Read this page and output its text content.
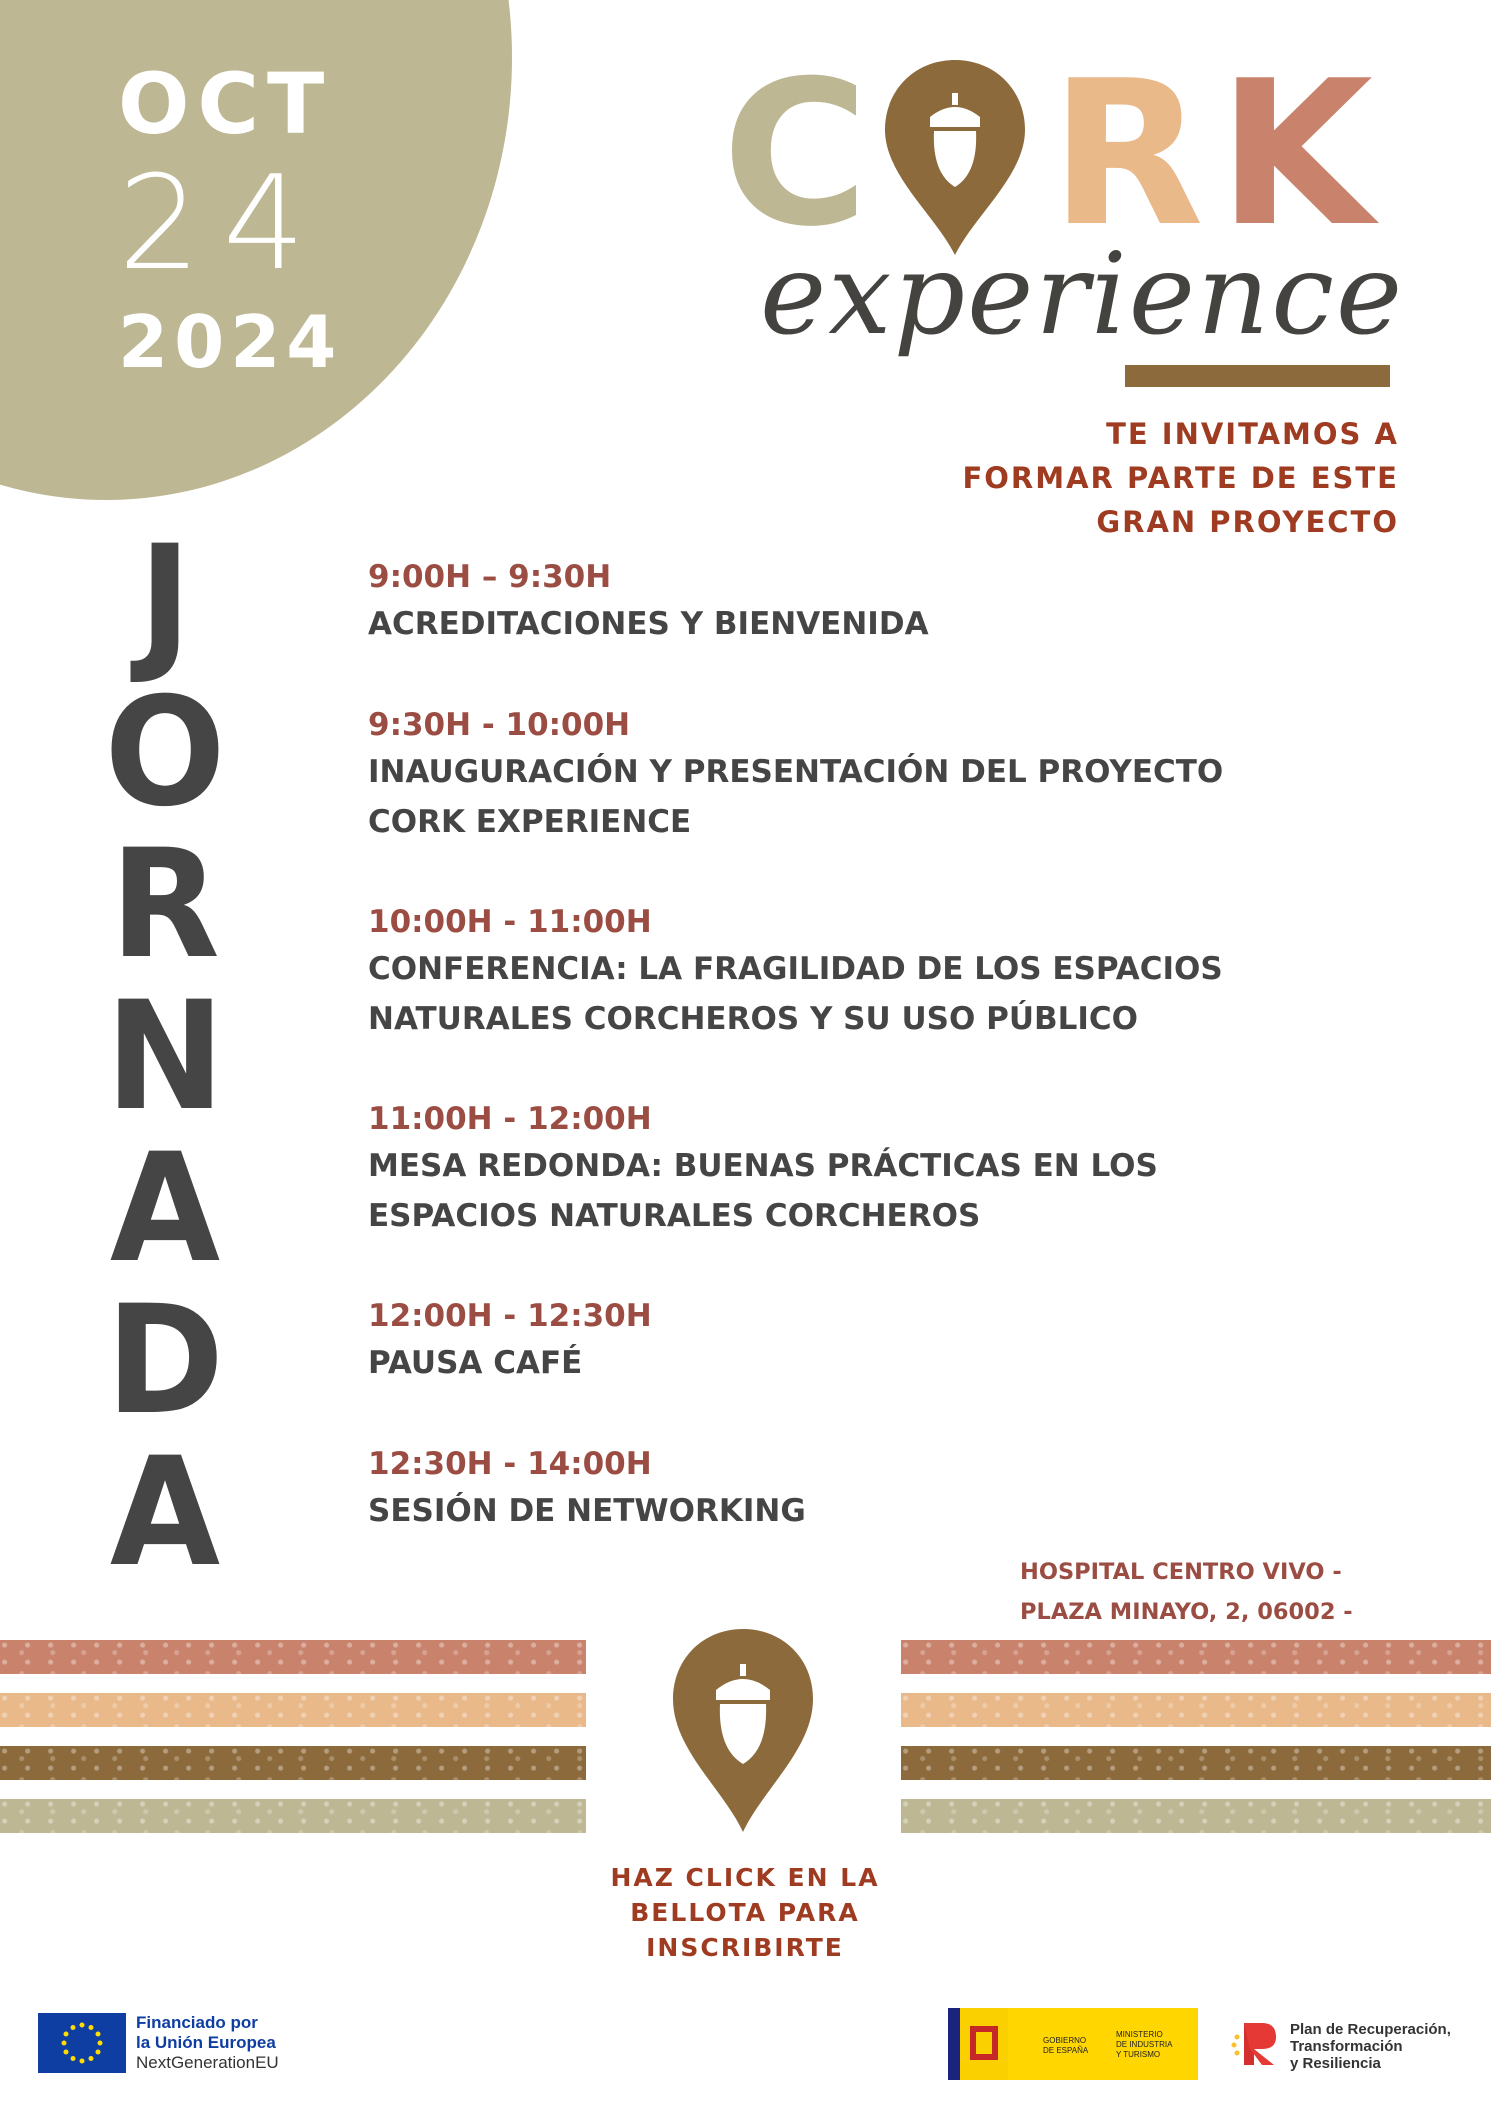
OCT
24
2024
C R K
experience
TE INVITAMOS A
FORMAR PARTE DE ESTE
GRAN PROYECTO
J
O
R
N
A
D
A
9:00H – 9:30H
ACREDITACIONES Y BIENVENIDA
9:30H - 10:00H
INAUGURACIÓN Y PRESENTACIÓN DEL PROYECTO
CORK EXPERIENCE
10:00H - 11:00H
CONFERENCIA: LA FRAGILIDAD DE LOS ESPACIOS
NATURALES CORCHEROS Y SU USO PÚBLICO
11:00H - 12:00H
MESA REDONDA: BUENAS PRÁCTICAS EN LOS
ESPACIOS NATURALES CORCHEROS
12:00H - 12:30H
PAUSA CAFÉ
12:30H - 14:00H
SESIÓN DE NETWORKING
HOSPITAL CENTRO VIVO -
PLAZA MINAYO, 2, 06002 -
HAZ CLICK EN LA
BELLOTA PARA
INSCRIBIRTE
Financiado por
la Unión Europea
NextGenerationEU
GOBIERNO
DE ESPAÑA
MINISTERIO
DE INDUSTRIA
Y TURISMO
Plan de Recuperación,
Transformación
y Resiliencia
